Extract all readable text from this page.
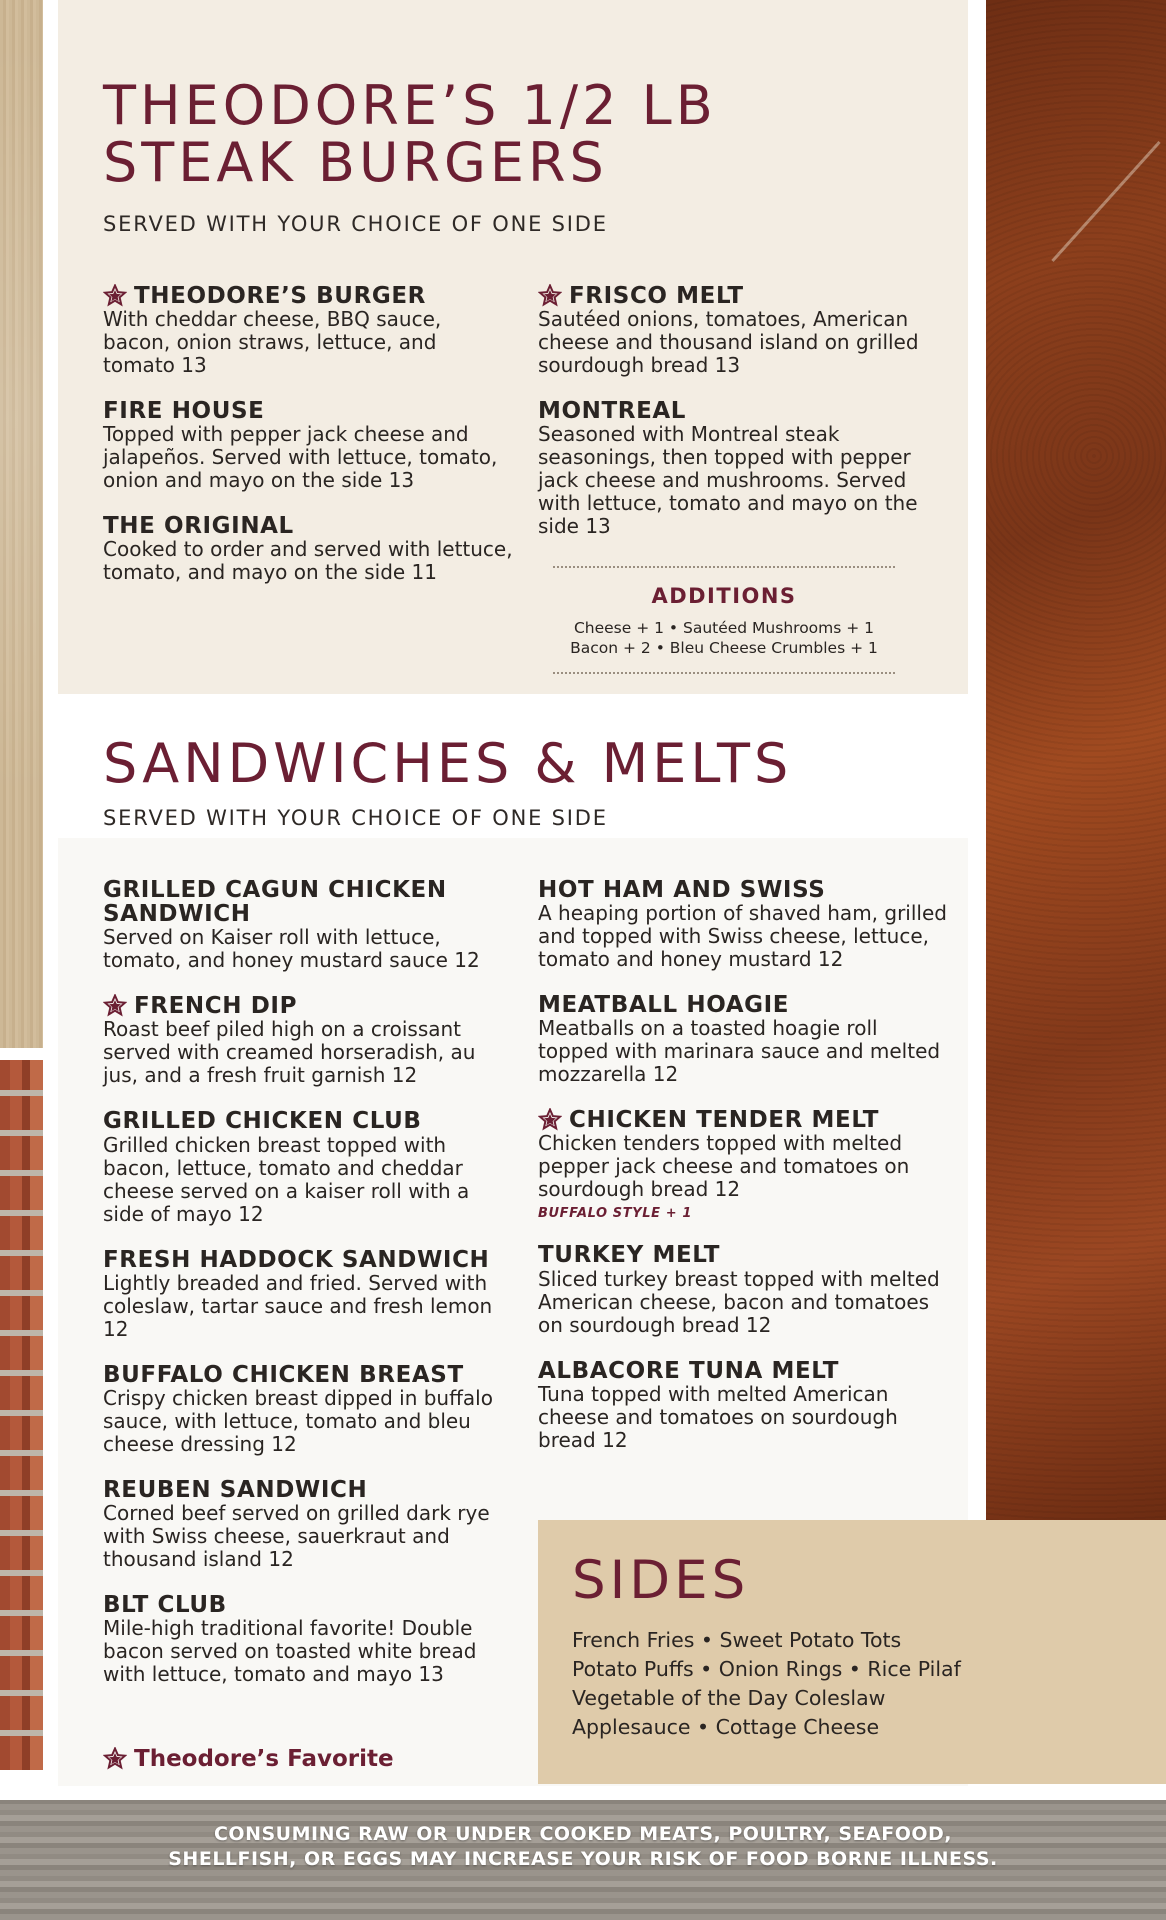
THEODORE’S 1/2 LB
STEAK BURGERS

SERVED WITH YOUR CHOICE OF ONE SIDE

THEODORE’S BURGER
With cheddar cheese, BBQ sauce, bacon, onion straws, lettuce, and tomato 13
FIRE HOUSE
Topped with pepper jack cheese and jalapeños. Served with lettuce, tomato, onion and mayo on the side 13
THE ORIGINAL
Cooked to order and served with lettuce, tomato, and mayo on the side 11
FRISCO MELT
Sautéed onions, tomatoes, American cheese and thousand island on grilled sourdough bread 13
MONTREAL
Seasoned with Montreal steak seasonings, then topped with pepper jack cheese and mushrooms. Served with lettuce, tomato and mayo on the side 13
ADDITIONS
Cheese + 1 • Sautéed Mushrooms + 1
Bacon + 2 • Bleu Cheese Crumbles + 1
SANDWICHES & MELTS

SERVED WITH YOUR CHOICE OF ONE SIDE

GRILLED CAGUN CHICKEN SANDWICH
Served on Kaiser roll with lettuce, tomato, and honey mustard sauce 12
FRENCH DIP
Roast beef piled high on a croissant served with creamed horseradish, au jus, and a fresh fruit garnish 12
GRILLED CHICKEN CLUB
Grilled chicken breast topped with bacon, lettuce, tomato and cheddar cheese served on a kaiser roll with a side of mayo 12
FRESH HADDOCK SANDWICH
Lightly breaded and fried. Served with coleslaw, tartar sauce and fresh lemon 12
BUFFALO CHICKEN BREAST
Crispy chicken breast dipped in buffalo sauce, with lettuce, tomato and bleu cheese dressing 12
REUBEN SANDWICH
Corned beef served on grilled dark rye with Swiss cheese, sauerkraut and thousand island 12
BLT CLUB
Mile-high traditional favorite! Double bacon served on toasted white bread with lettuce, tomato and mayo 13
HOT HAM AND SWISS
A heaping portion of shaved ham, grilled and topped with Swiss cheese, lettuce, tomato and honey mustard 12
MEATBALL HOAGIE
Meatballs on a toasted hoagie roll topped with marinara sauce and melted mozzarella 12
CHICKEN TENDER MELT
Chicken tenders topped with melted pepper jack cheese and tomatoes on sourdough bread 12
BUFFALO STYLE + 1
TURKEY MELT
Sliced turkey breast topped with melted American cheese, bacon and tomatoes on sourdough bread 12
ALBACORE TUNA MELT
Tuna topped with melted American cheese and tomatoes on sourdough bread 12
SIDES
French Fries • Sweet Potato Tots
Potato Puffs • Onion Rings • Rice Pilaf
Vegetable of the Day Coleslaw
Applesauce • Cottage Cheese
Theodore’s Favorite
CONSUMING RAW OR UNDER COOKED MEATS, POULTRY, SEAFOOD,
SHELLFISH, OR EGGS MAY INCREASE YOUR RISK OF FOOD BORNE ILLNESS.
